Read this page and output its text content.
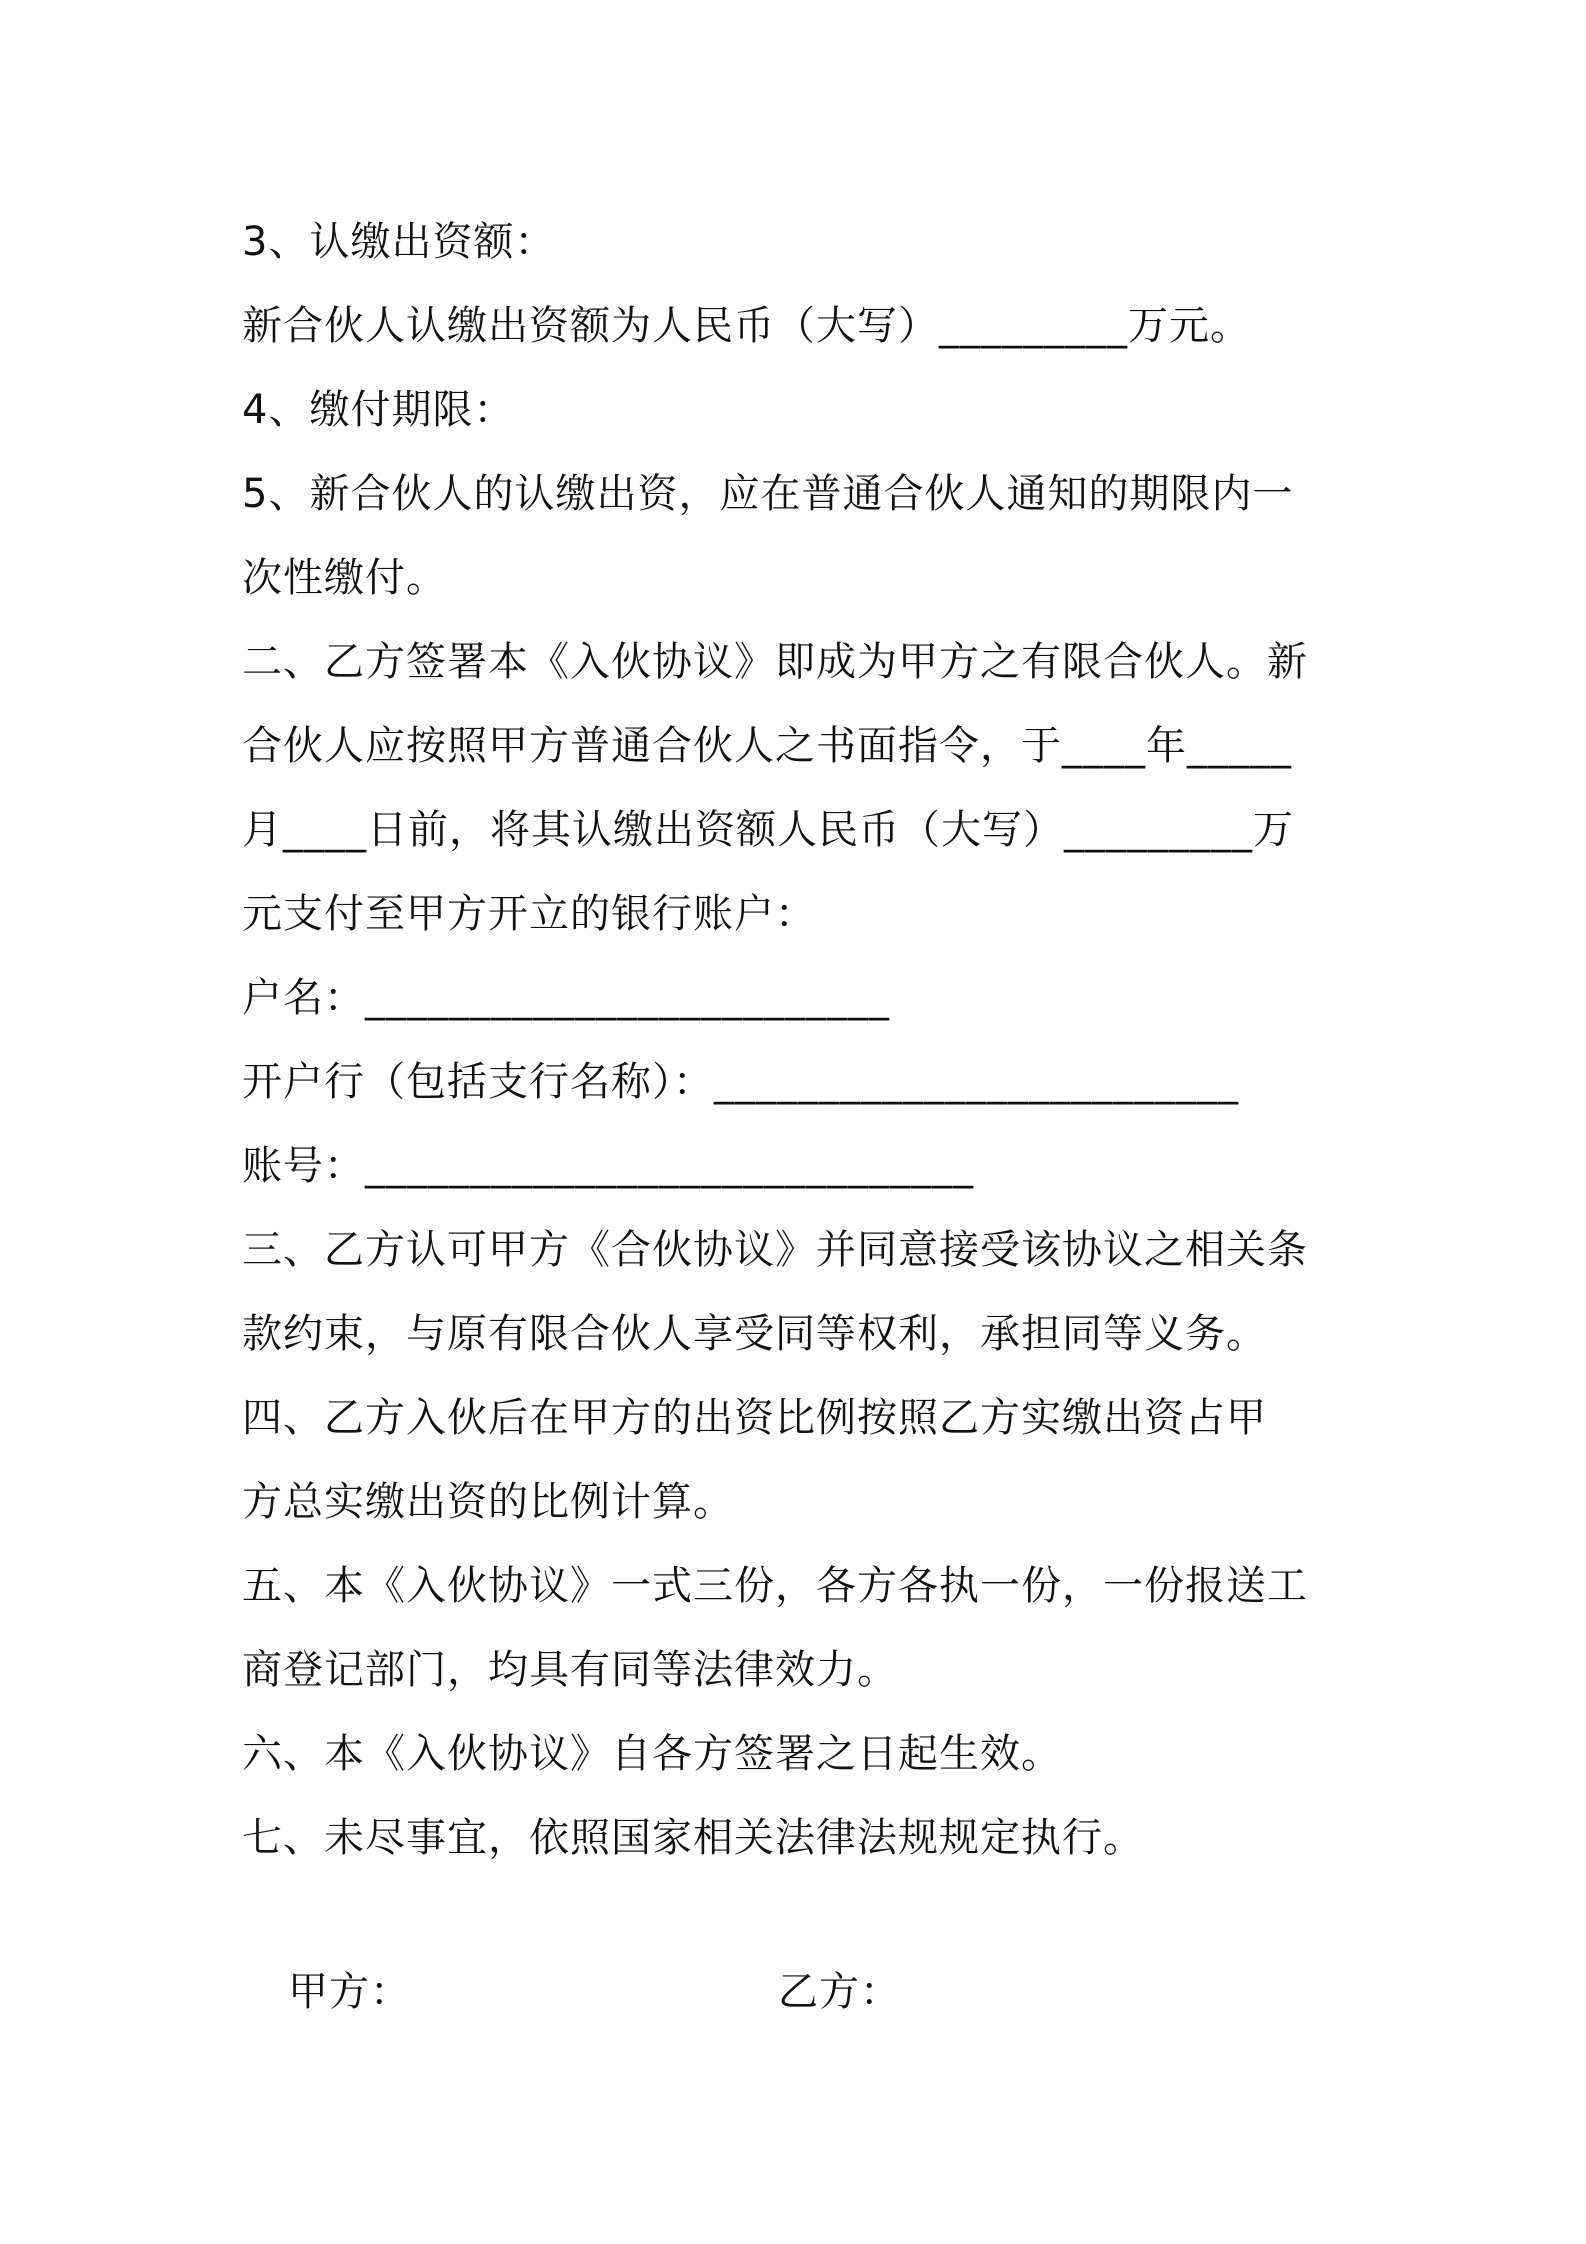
3、认缴出资额：
新合伙人认缴出资额为人民币（大写）_________万元。
4、缴付期限：
5、新合伙人的认缴出资，应在普通合伙人通知的期限内一
次性缴付。
二、乙方签署本《入伙协议》即成为甲方之有限合伙人。新
合伙人应按照甲方普通合伙人之书面指令，于____年_____
月____日前，将其认缴出资额人民币（大写）_________万
元支付至甲方开立的银行账户：
户名：_________________________
开户行（包括支行名称）：_________________________
账号：_____________________________
三、乙方认可甲方《合伙协议》并同意接受该协议之相关条
款约束，与原有限合伙人享受同等权利，承担同等义务。
四、乙方入伙后在甲方的出资比例按照乙方实缴出资占甲
方总实缴出资的比例计算。
五、本《入伙协议》一式三份，各方各执一份，一份报送工
商登记部门，均具有同等法律效力。
六、本《入伙协议》自各方签署之日起生效。
七、未尽事宜，依照国家相关法律法规规定执行。
甲方：	乙方：
